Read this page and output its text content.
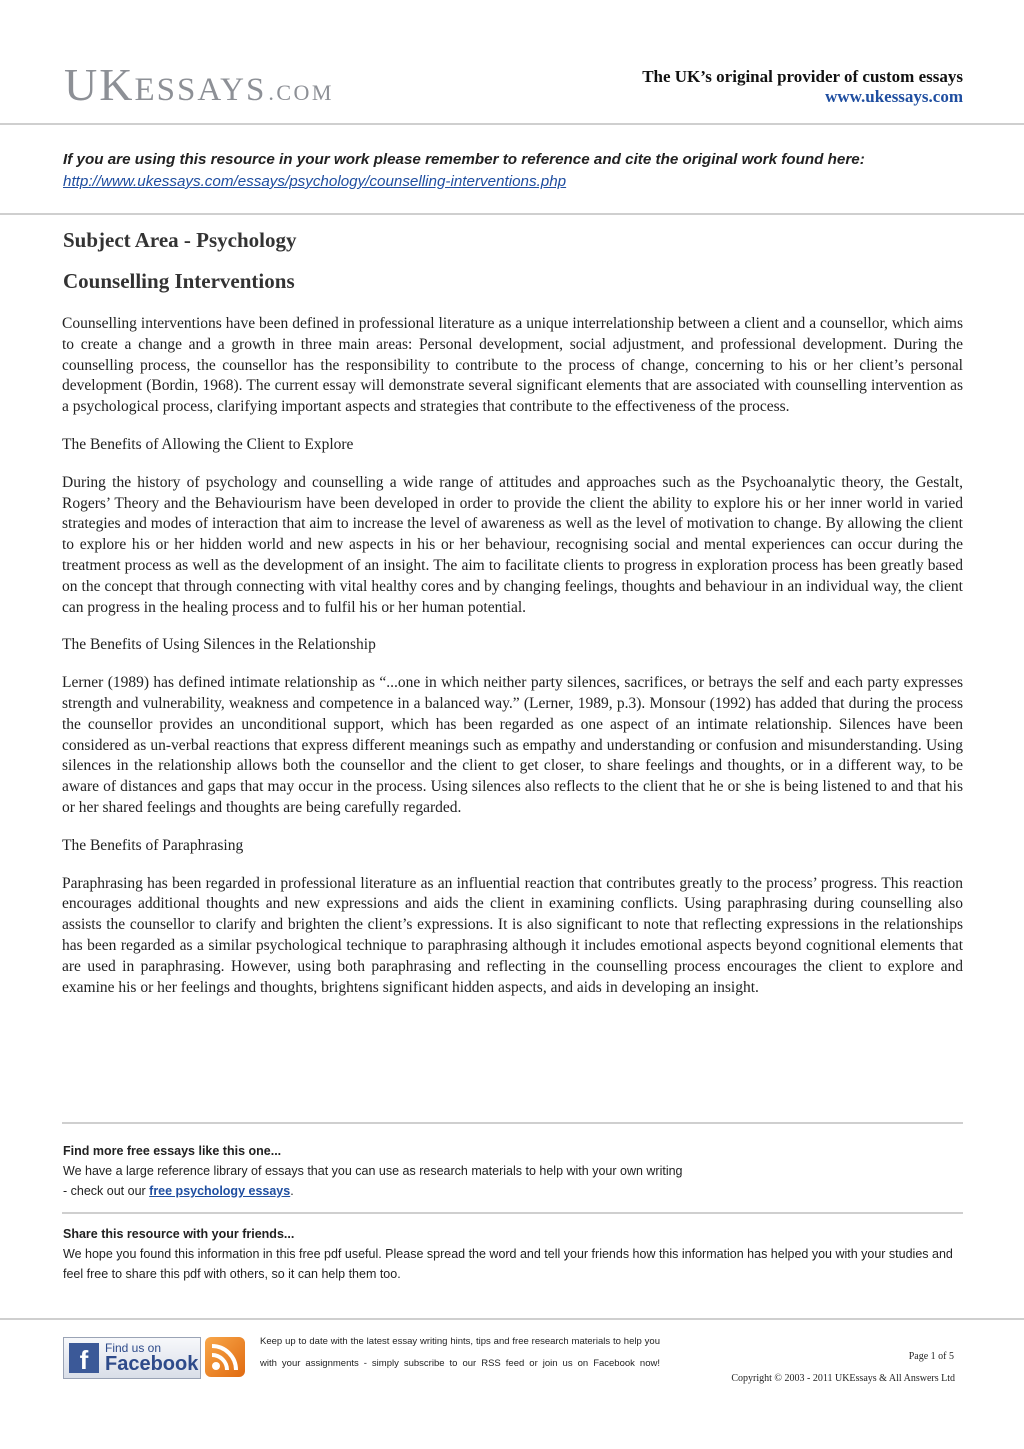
UKESSAYS.COM
The UK’s original provider of custom essays
www.ukessays.com
If you are using this resource in your work please remember to reference and cite the original work found here:
http://www.ukessays.com/essays/psychology/counselling-interventions.php
Subject Area - Psychology
Counselling Interventions

Counselling interventions have been defined in professional literature as a unique interrelationship between a client and a counsellor, which aims to create a change and a growth in three main areas: Personal development, social adjustment, and professional development. During the counselling process, the counsellor has the responsibility to contribute to the process of change, concerning to his or her client’s personal development (Bordin, 1968). The current essay will demonstrate several significant elements that are associated with counselling intervention as a psychological process, clarifying important aspects and strategies that contribute to the effectiveness of the process.

The Benefits of Allowing the Client to Explore

During the history of psychology and counselling a wide range of attitudes and approaches such as the Psychoanalytic theory, the Gestalt, Rogers’ Theory and the Behaviourism have been developed in order to provide the client the ability to explore his or her inner world in varied strategies and modes of interaction that aim to increase the level of awareness as well as the level of motivation to change. By allowing the client to explore his or her hidden world and new aspects in his or her behaviour, recognising social and mental experiences can occur during the treatment process as well as the development of an insight. The aim to facilitate clients to progress in exploration process has been greatly based on the concept that through connecting with vital healthy cores and by changing feelings, thoughts and behaviour in an individual way, the client can progress in the healing process and to fulfil his or her human potential.

The Benefits of Using Silences in the Relationship

Lerner (1989) has defined intimate relationship as “...one in which neither party silences, sacrifices, or betrays the self and each party expresses strength and vulnerability, weakness and competence in a balanced way.” (Lerner, 1989, p.3). Monsour (1992) has added that during the process the counsellor provides an unconditional support, which has been regarded as one aspect of an intimate relationship. Silences have been considered as un-verbal reactions that express different meanings such as empathy and understanding or confusion and misunderstanding. Using silences in the relationship allows both the counsellor and the client to get closer, to share feelings and thoughts, or in a different way, to be aware of distances and gaps that may occur in the process. Using silences also reflects to the client that he or she is being listened to and that his or her shared feelings and thoughts are being carefully regarded.

The Benefits of Paraphrasing

Paraphrasing has been regarded in professional literature as an influential reaction that contributes greatly to the process’ progress. This reaction encourages additional thoughts and new expressions and aids the client in examining conflicts. Using paraphrasing during counselling also assists the counsellor to clarify and brighten the client’s expressions. It is also significant to note that reflecting expressions in the relationships has been regarded as a similar psychological technique to paraphrasing although it includes emotional aspects beyond cognitional elements that are used in paraphrasing. However, using both paraphrasing and reflecting in the counselling process encourages the client to explore and examine his or her feelings and thoughts, brightens significant hidden aspects, and aids in developing an insight.

Find more free essays like this one...
We have a large reference library of essays that you can use as research materials to help with your own writing
- check out our free psychology essays.
Share this resource with your friends...
We hope you found this information in this free pdf useful. Please spread the word and tell your friends how this information has helped you with your studies and feel free to share this pdf with others, so it can help them too.
f	Find us on
Facebook
Keep up to date with the latest essay writing hints, tips and free research materials to help you with your assignments - simply subscribe to our RSS feed or join us on Facebook now!
Page 1 of 5
Copyright © 2003 - 2011 UKEssays & All Answers Ltd
